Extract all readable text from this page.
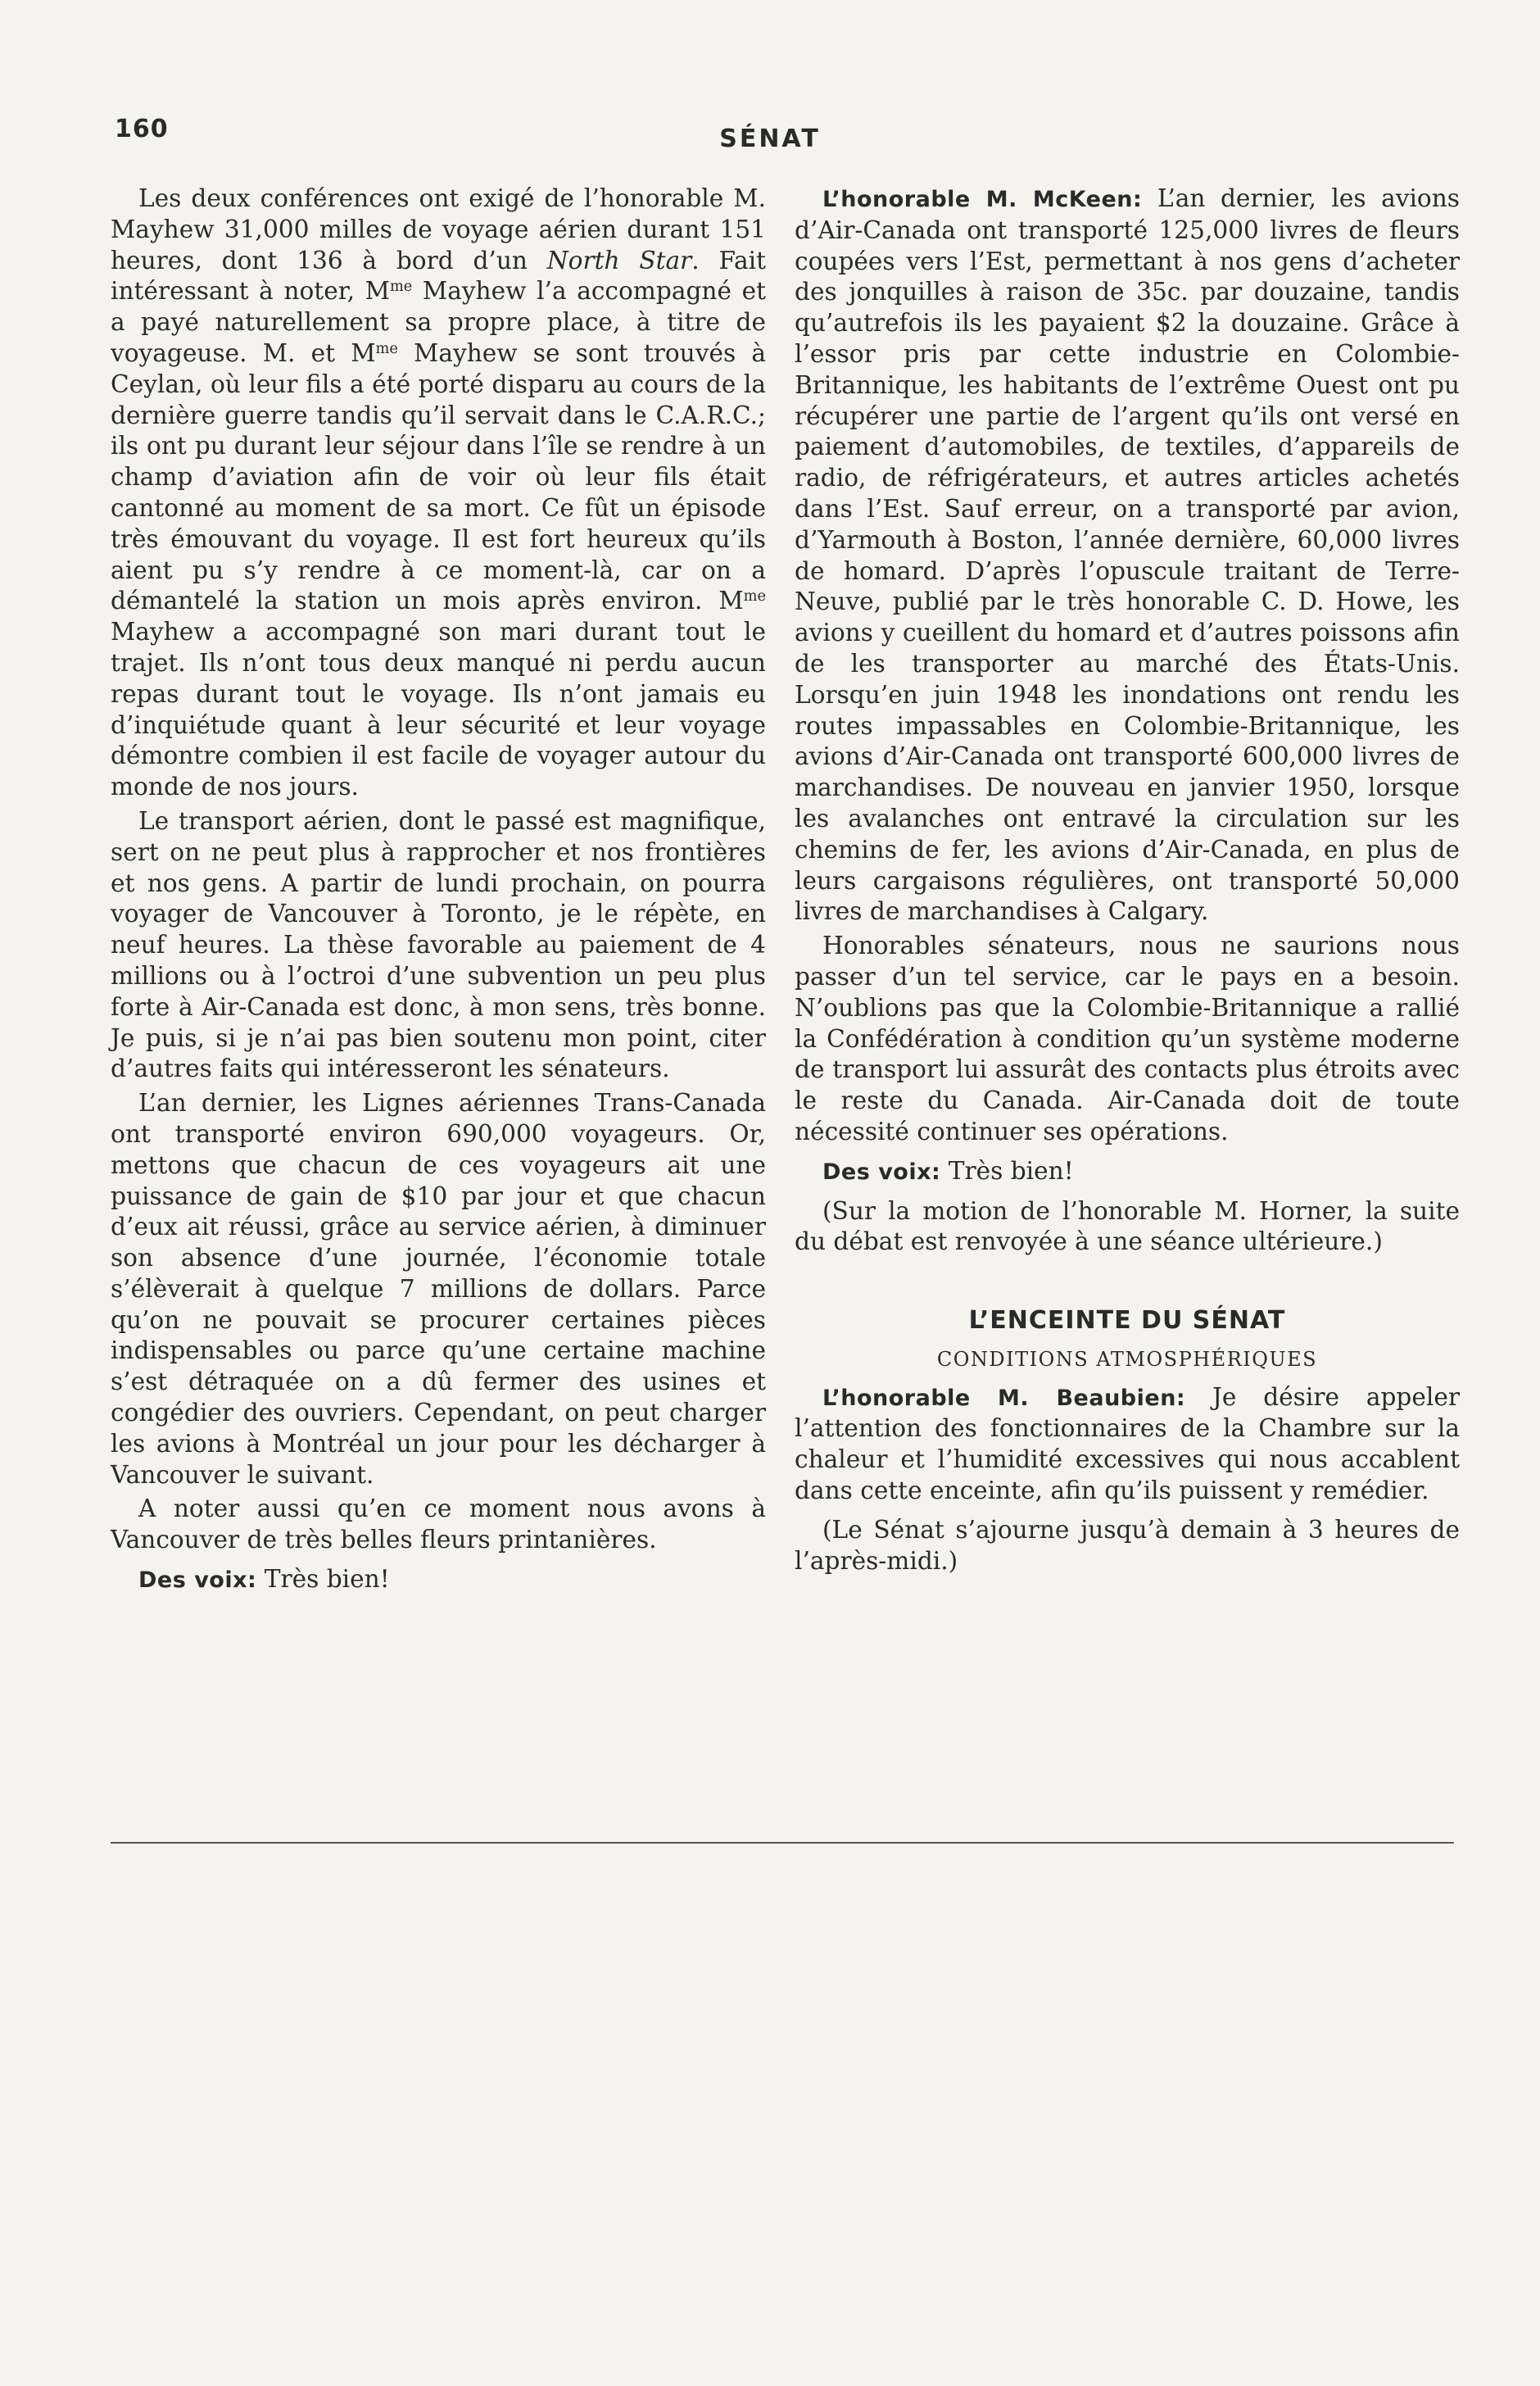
160	SÉNAT

Les deux conférences ont exigé de l’honorable M. Mayhew 31,000 milles de voyage aérien durant 151 heures, dont 136 à bord d’un North Star. Fait intéressant à noter, $M^{me}$ Mayhew l’a accompagné et a payé naturellement sa propre place, à titre de voyageuse. M. et $M^{me}$ Mayhew se sont trouvés à Ceylan, où leur fils a été porté disparu au cours de la dernière guerre tandis qu’il servait dans le C.A.R.C.; ils ont pu durant leur séjour dans l’île se rendre à un champ d’aviation afin de voir où leur fils était cantonné au moment de sa mort. Ce fût un épisode très émouvant du voyage. Il est fort heureux qu’ils aient pu s’y rendre à ce moment-là, car on a démantelé la station un mois après environ. $M^{me}$ Mayhew a accompagné son mari durant tout le trajet. Ils n’ont tous deux manqué ni perdu aucun repas durant tout le voyage. Ils n’ont jamais eu d’inquiétude quant à leur sécurité et leur voyage démontre combien il est facile de voyager autour du monde de nos jours.

Le transport aérien, dont le passé est magnifique, sert on ne peut plus à rapprocher et nos frontières et nos gens. A partir de lundi prochain, on pourra voyager de Vancouver à Toronto, je le répète, en neuf heures. La thèse favorable au paiement de 4 millions ou à l’octroi d’une subvention un peu plus forte à Air-Canada est donc, à mon sens, très bonne. Je puis, si je n’ai pas bien soutenu mon point, citer d’autres faits qui intéresseront les sénateurs.

L’an dernier, les Lignes aériennes Trans-Canada ont transporté environ 690,000 voyageurs. Or, mettons que chacun de ces voyageurs ait une puissance de gain de $10 par jour et que chacun d’eux ait réussi, grâce au service aérien, à diminuer son absence d’une journée, l’économie totale s’élèverait à quelque 7 millions de dollars. Parce qu’on ne pouvait se procurer certaines pièces indispensables ou parce qu’une certaine machine s’est détraquée on a dû fermer des usines et congédier des ouvriers. Cependant, on peut charger les avions à Montréal un jour pour les décharger à Vancouver le suivant.

A noter aussi qu’en ce moment nous avons à Vancouver de très belles fleurs printanières.

Des voix: Très bien!

L’honorable M. McKeen: L’an dernier, les avions d’Air-Canada ont transporté 125,000 livres de fleurs coupées vers l’Est, permettant à nos gens d’acheter des jonquilles à raison de 35c. par douzaine, tandis qu’autrefois ils les payaient $2 la douzaine. Grâce à l’essor pris par cette industrie en Colombie-Britannique, les habitants de l’extrême Ouest ont pu récupérer une partie de l’argent qu’ils ont versé en paiement d’automobiles, de textiles, d’appareils de radio, de réfrigérateurs, et autres articles achetés dans l’Est. Sauf erreur, on a transporté par avion, d’Yarmouth à Boston, l’année dernière, 60,000 livres de homard. D’après l’opuscule traitant de Terre-Neuve, publié par le très honorable C. D. Howe, les avions y cueillent du homard et d’autres poissons afin de les transporter au marché des États-Unis. Lorsqu’en juin 1948 les inondations ont rendu les routes impassables en Colombie-Britannique, les avions d’Air-Canada ont transporté 600,000 livres de marchandises. De nouveau en janvier 1950, lorsque les avalanches ont entravé la circulation sur les chemins de fer, les avions d’Air-Canada, en plus de leurs cargaisons régulières, ont transporté 50,000 livres de marchandises à Calgary.

Honorables sénateurs, nous ne saurions nous passer d’un tel service, car le pays en a besoin. N’oublions pas que la Colombie-Britannique a rallié la Confédération à condition qu’un système moderne de transport lui assurât des contacts plus étroits avec le reste du Canada. Air-Canada doit de toute nécessité continuer ses opérations.

Des voix: Très bien!

(Sur la motion de l’honorable M. Horner, la suite du débat est renvoyée à une séance ultérieure.)

L’ENCEINTE DU SÉNAT
CONDITIONS ATMOSPHÉRIQUES

L’honorable M. Beaubien: Je désire appeler l’attention des fonctionnaires de la Chambre sur la chaleur et l’humidité excessives qui nous accablent dans cette enceinte, afin qu’ils puissent y remédier.

(Le Sénat s’ajourne jusqu’à demain à 3 heures de l’après-midi.)
